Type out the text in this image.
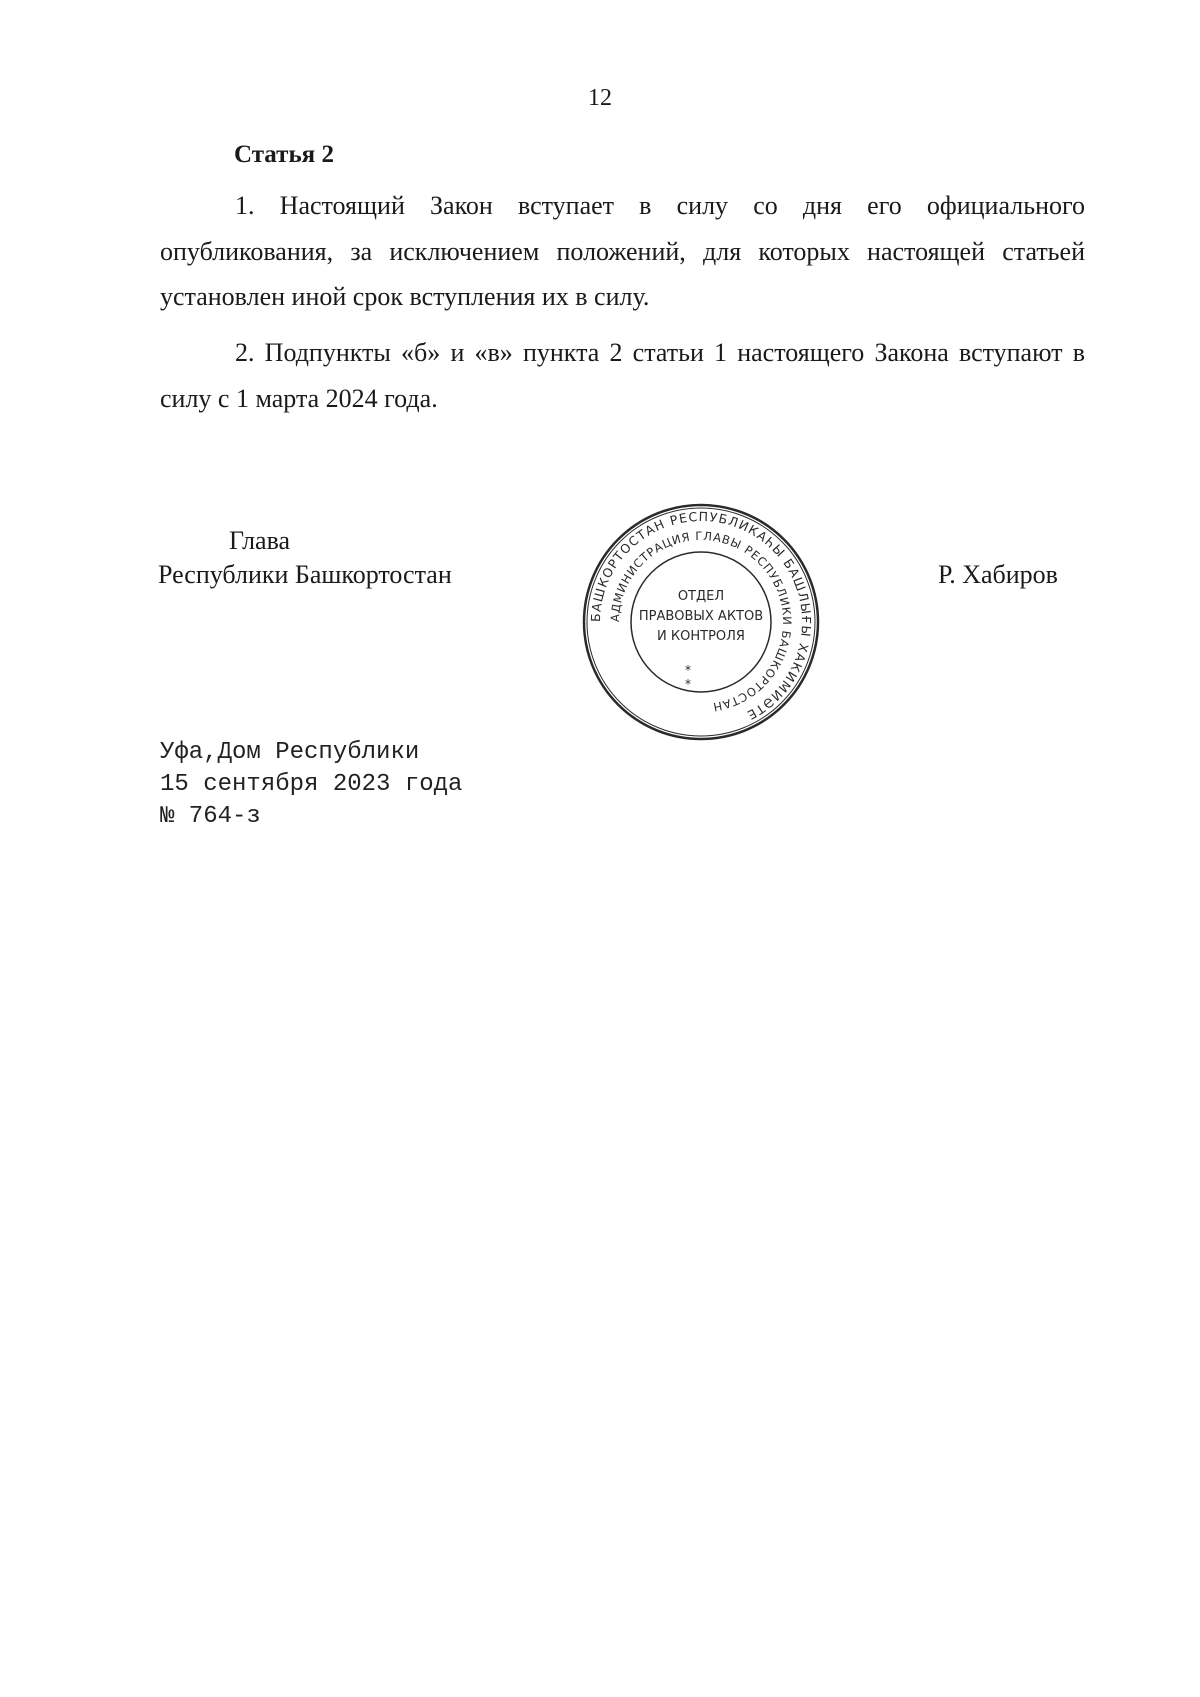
12
Статья 2
1. Настоящий Закон вступает в силу со дня его официального опубликования, за исключением положений, для которых настоящей статьей установлен иной срок вступления их в силу.
2. Подпункты «б» и «в» пункта 2 статьи 1 настоящего Закона вступают в силу с 1 марта 2024 года.
Глава
Республики Башкортостан	Р. Хабиров
БАШКОРТОСТАН РЕСПУБЛИКАҺЫ БАШЛЫҒЫ ХАКИМИӘТЕ
АДМИНИСТРАЦИЯ ГЛАВЫ РЕСПУБЛИКИ БАШКОРТОСТАН
ОТДЕЛ
ПРАВОВЫХ АКТОВ
И КОНТРОЛЯ
*
*
Уфа,Дом Республики
15 сентября 2023 года
№ 764-з
